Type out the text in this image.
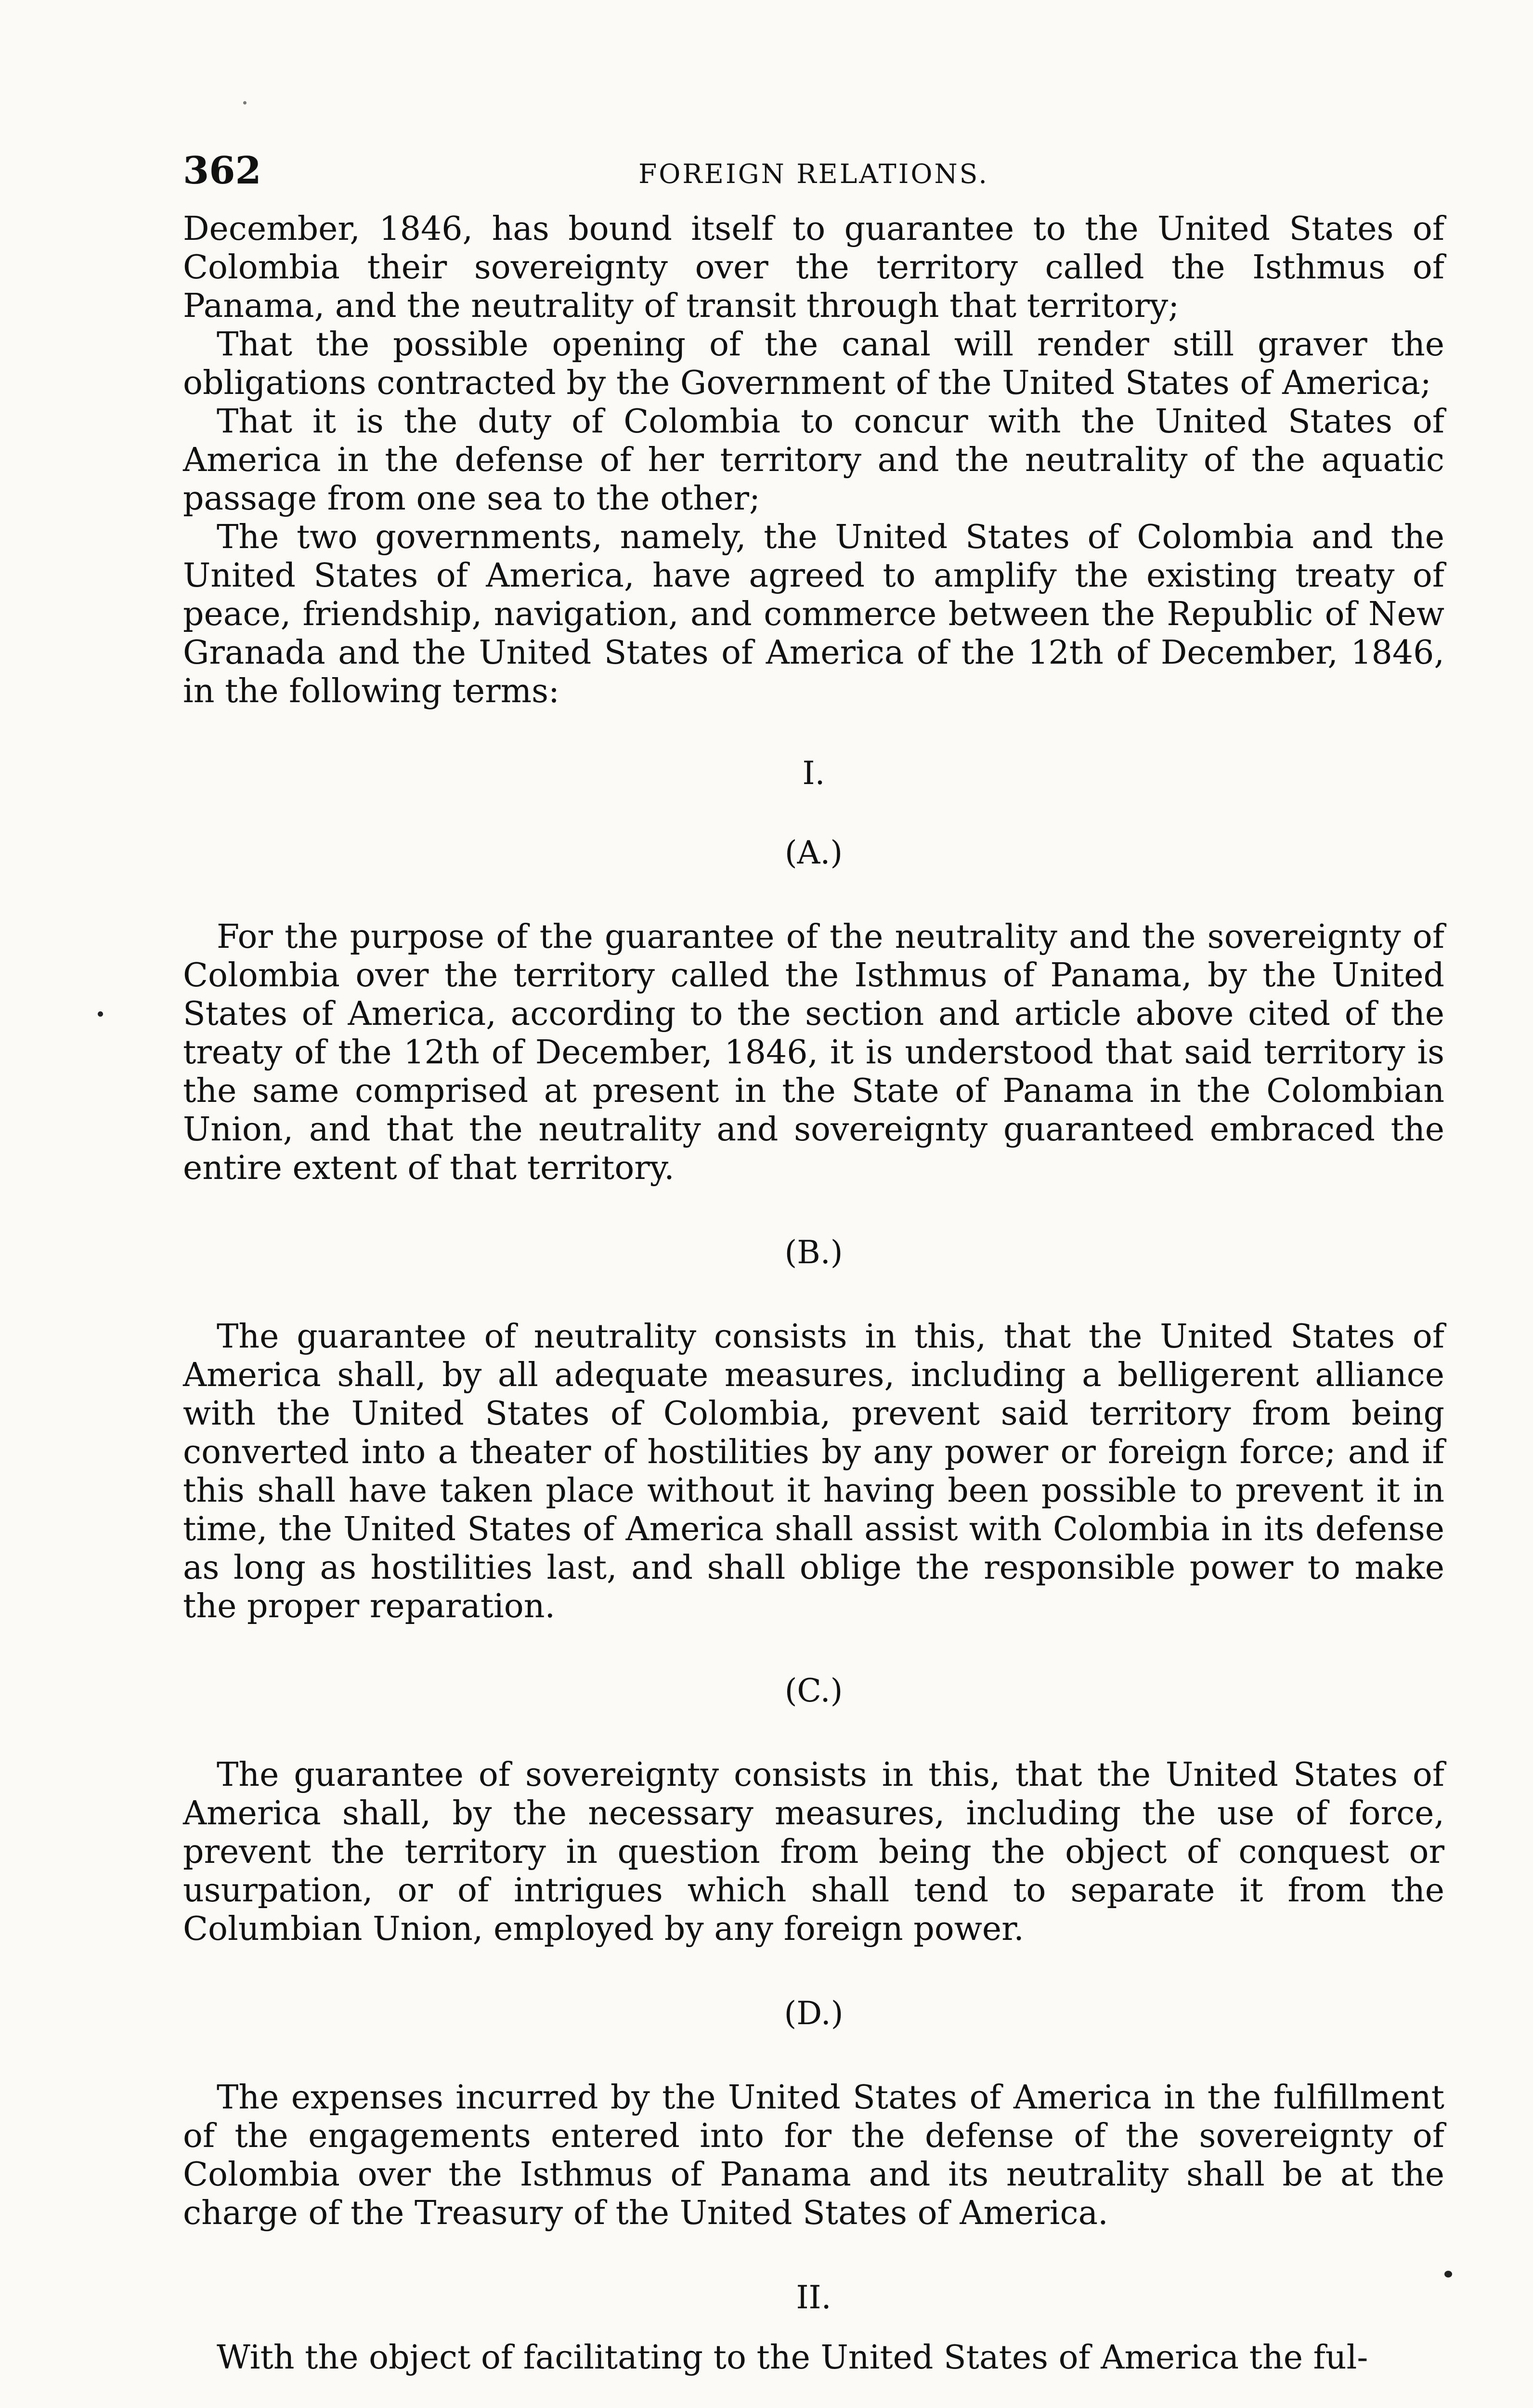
362	FOREIGN RELATIONS.

December, 1846, has bound itself to guarantee to the United States of Colombia their sovereignty over the territory called the Isthmus of Panama, and the neutrality of transit through that territory;

That the possible opening of the canal will render still graver the obligations contracted by the Government of the United States of America;

That it is the duty of Colombia to concur with the United States of America in the defense of her territory and the neutrality of the aquatic passage from one sea to the other;

The two governments, namely, the United States of Colombia and the United States of America, have agreed to amplify the existing treaty of peace, friendship, navigation, and commerce between the Republic of New Granada and the United States of America of the 12th of December, 1846, in the following terms:

I.
(A.)

For the purpose of the guarantee of the neutrality and the sovereignty of Colombia over the territory called the Isthmus of Panama, by the United States of America, according to the section and article above cited of the treaty of the 12th of December, 1846, it is understood that said territory is the same comprised at present in the State of Panama in the Colombian Union, and that the neutrality and sovereignty guaranteed embraced the entire extent of that territory.

(B.)

The guarantee of neutrality consists in this, that the United States of America shall, by all adequate measures, including a belligerent alliance with the United States of Colombia, prevent said territory from being converted into a theater of hostilities by any power or foreign force; and if this shall have taken place without it having been possible to prevent it in time, the United States of America shall assist with Colombia in its defense as long as hostilities last, and shall oblige the responsible power to make the proper reparation.

(C.)

The guarantee of sovereignty consists in this, that the United States of America shall, by the necessary measures, including the use of force, prevent the territory in question from being the object of conquest or usurpation, or of intrigues which shall tend to separate it from the Columbian Union, employed by any foreign power.

(D.)

The expenses incurred by the United States of America in the fulfillment of the engagements entered into for the defense of the sovereignty of Colombia over the Isthmus of Panama and its neutrality shall be at the charge of the Treasury of the United States of America.

II.

With the object of facilitating to the United States of America the ful-
